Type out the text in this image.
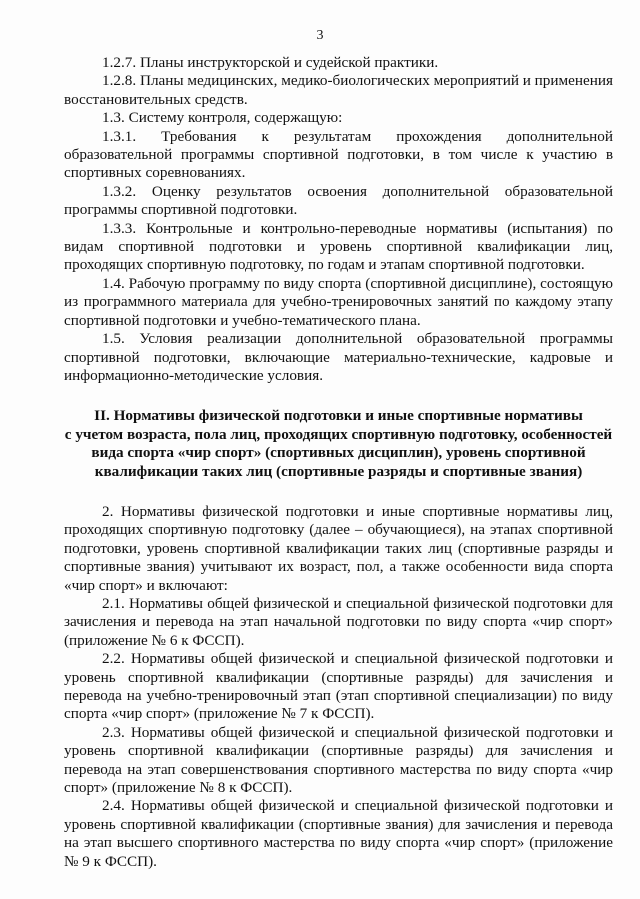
3

1.2.7. Планы инструкторской и судейской практики.

1.2.8. Планы медицинских, медико-биологических мероприятий и применения восстановительных средств.

1.3. Систему контроля, содержащую:

1.3.1. Требования к результатам прохождения дополнительной образовательной программы спортивной подготовки, в том числе к участию в спортивных соревнованиях.

1.3.2. Оценку результатов освоения дополнительной образовательной программы спортивной подготовки.

1.3.3. Контрольные и контрольно-переводные нормативы (испытания) по видам спортивной подготовки и уровень спортивной квалификации лиц, проходящих спортивную подготовку, по годам и этапам спортивной подготовки.

1.4. Рабочую программу по виду спорта (спортивной дисциплине), состоящую из программного материала для учебно-тренировочных занятий по каждому этапу спортивной подготовки и учебно-тематического плана.

1.5. Условия реализации дополнительной образовательной программы спортивной подготовки, включающие материально-технические, кадровые и информационно-методические условия.

II. Нормативы физической подготовки и иные спортивные нормативы
с учетом возраста, пола лиц, проходящих спортивную подготовку, особенностей
вида спорта «чир спорт» (спортивных дисциплин), уровень спортивной
квалификации таких лиц (спортивные разряды и спортивные звания)

2. Нормативы физической подготовки и иные спортивные нормативы лиц, проходящих спортивную подготовку (далее – обучающиеся), на этапах спортивной подготовки, уровень спортивной квалификации таких лиц (спортивные разряды и спортивные звания) учитывают их возраст, пол, а также особенности вида спорта «чир спорт» и включают:

2.1. Нормативы общей физической и специальной физической подготовки для зачисления и перевода на этап начальной подготовки по виду спорта «чир спорт» (приложение № 6 к ФССП).

2.2. Нормативы общей физической и специальной физической подготовки и уровень спортивной квалификации (спортивные разряды) для зачисления и перевода на учебно-тренировочный этап (этап спортивной специализации) по виду спорта «чир спорт» (приложение № 7 к ФССП).

2.3. Нормативы общей физической и специальной физической подготовки и уровень спортивной квалификации (спортивные разряды) для зачисления и перевода на этап совершенствования спортивного мастерства по виду спорта «чир спорт» (приложение № 8 к ФССП).

2.4. Нормативы общей физической и специальной физической подготовки и уровень спортивной квалификации (спортивные звания) для зачисления и перевода на этап высшего спортивного мастерства по виду спорта «чир спорт» (приложение № 9 к ФССП).
